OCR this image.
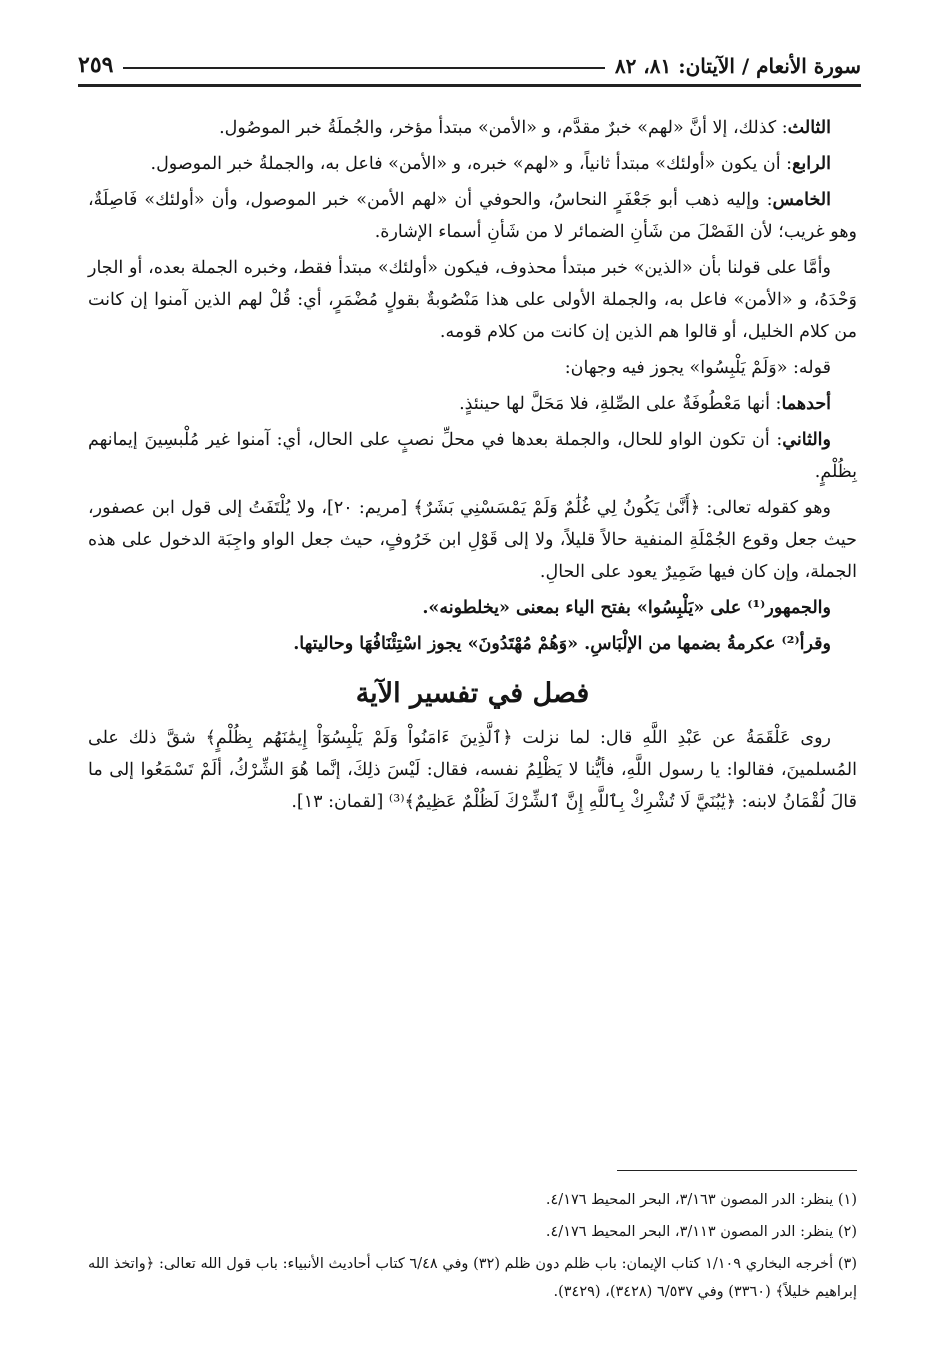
سورة الأنعام / الآيتان: ٨١، ٨٢
٢٥٩

الثالث: كذلك، إلا أنَّ «لهم» خبرٌ مقدَّم، و «الأمن» مبتدأ مؤخر، والجُملَةُ خبر الموصُول.

الرابع: أن يكون «أولئك» مبتدأ ثانياً، و «لهم» خبره، و «الأمن» فاعل به، والجملةُ خبر الموصول.

الخامس: وإليه ذهب أبو جَعْفَرٍ النحاسُ، والحوفي أن «لهم الأمن» خبر الموصول، وأن «أولئك» فَاصِلَةٌ، وهو غريب؛ لأن الفَصْلَ من شَأنِ الضمائر لا من شَأنِ أسماء الإشارة.

وأمَّا على قولنا بأن «الذين» خبر مبتدأ محذوف، فيكون «أولئك» مبتدأ فقط، وخبره الجملة بعده، أو الجار وَحْدَهُ، و «الأمن» فاعل به، والجملة الأولى على هذا مَنْصُوبةٌ بقولٍ مُضْمَرٍ، أي: قُلْ لهم الذين آمنوا إن كانت من كلام الخليل، أو قالوا هم الذين إن كانت من كلام قومه.

قوله: «وَلَمْ يَلْبِسُوا» يجوز فيه وجهان:

أحدهما: أنها مَعْطُوفَةٌ على الصِّلةِ، فلا مَحَلَّ لها حينئذٍ.

والثاني: أن تكون الواو للحال، والجملة بعدها في محلِّ نصبٍ على الحال، أي: آمنوا غير مُلْبسِينَ إيمانهم بِظُلْمٍ.

وهو كقوله تعالى: ﴿أَنَّىٰ يَكُونُ لِي غُلَٰمٌ وَلَمْ يَمْسَسْنِي بَشَرٌ﴾ [مريم: ٢٠]، ولا يُلْتَفَتُ إلى قول ابن عصفور، حيث جعل وقوع الجُمْلَةِ المنفية حالاً قليلاً، ولا إلى قَوْلِ ابن خَرُوفٍ، حيث جعل الواو واجِبَة الدخول على هذه الجملة، وإن كان فيها ضَمِيرٌ يعود على الحالِ.

والجمهور⁽¹⁾ على «يَلْبِسُوا» بفتح الياء بمعنى «يخلطونه».

وقرأ⁽²⁾ عكرمةُ بضمها من الإلْبَاسِ. «وَهُمْ مُهْتَدُونَ» يجوز اسْتِئْنَافُهَا وحاليتها.

فصل في تفسير الآية

روى عَلْقَمَةُ عن عَبْدِ اللَّهِ قال: لما نزلت ﴿ٱلَّذِينَ ءَامَنُواْ وَلَمْ يَلْبِسُوٓاْ إِيمَٰنَهُم بِظُلْمٍ﴾ شقَّ ذلك على المُسلمينَ، فقالوا: يا رسول اللَّهِ، فأيُّنا لا يَظْلِمُ نفسه، فقال: لَيْسَ ذلِكَ، إنَّما هُوَ الشِّرْكُ، ألَمْ تَسْمَعُوا إلى ما قالَ لُقْمَانُ لابنه: ﴿يَٰبُنَيَّ لَا تُشْرِكْ بِٱللَّهِ إِنَّ ٱلشِّرْكَ لَظُلْمٌ عَظِيمٌ﴾⁽³⁾ [لقمان: ١٣].

(١) ينظر: الدر المصون ٣/١٦٣، البحر المحيط ٤/١٧٦.

(٢) ينظر: الدر المصون ٣/١١٣، البحر المحيط ٤/١٧٦.

(٣) أخرجه البخاري ١/١٠٩ كتاب الإيمان: باب ظلم دون ظلم (٣٢) وفي ٦/٤٨ كتاب أحاديث الأنبياء: باب قول الله تعالى: ﴿واتخذ الله إبراهيم خليلاً﴾ (٣٣٦٠) وفي ٦/٥٣٧ (٣٤٢٨)، (٣٤٢٩).
